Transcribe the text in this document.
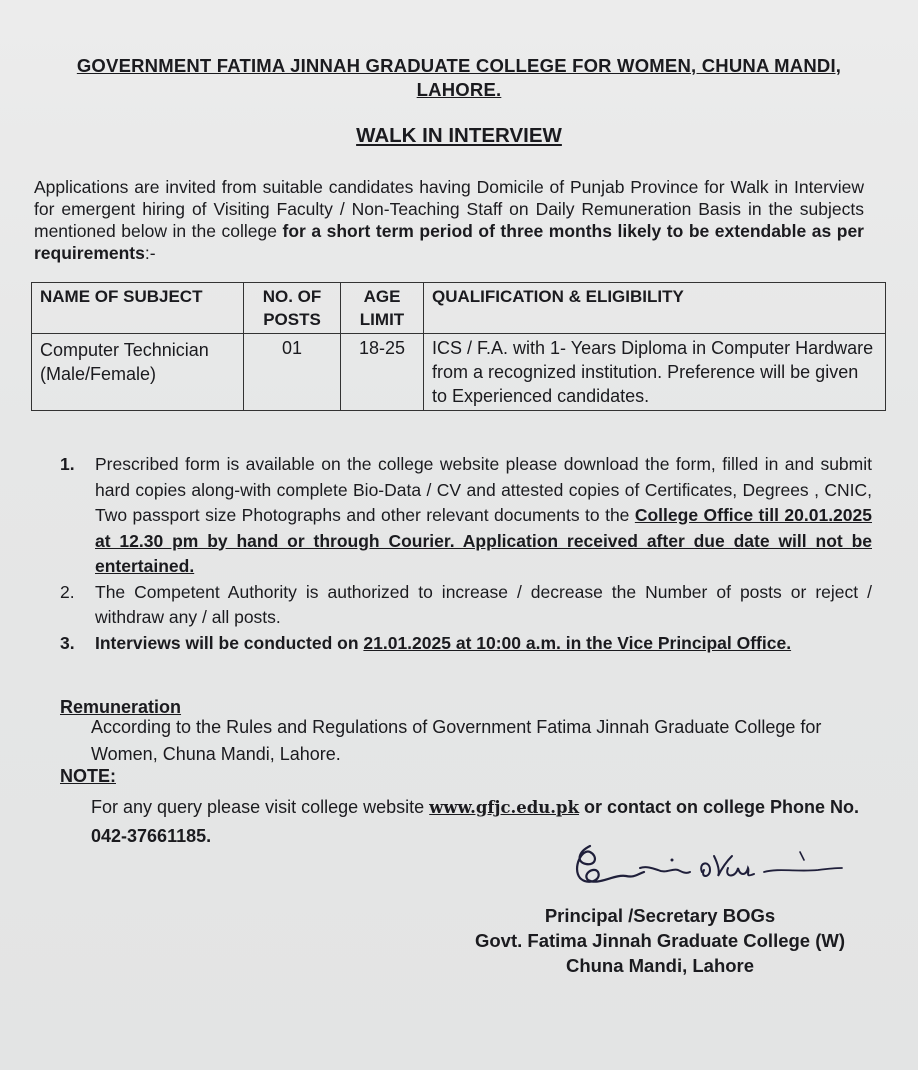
GOVERNMENT FATIMA JINNAH GRADUATE COLLEGE FOR WOMEN, CHUNA MANDI, LAHORE.
WALK IN INTERVIEW
Applications are invited from suitable candidates having Domicile of Punjab Province for Walk in Interview for emergent hiring of Visiting Faculty / Non-Teaching Staff on Daily Remuneration Basis in the subjects mentioned below in the college for a short term period of three months likely to be extendable as per requirements:-
NAME OF SUBJECT	NO. OF POSTS	AGE LIMIT	QUALIFICATION & ELIGIBILITY
Computer Technician (Male/Female)	01	18-25	ICS / F.A. with 1- Years Diploma in Computer Hardware from a recognized institution. Preference will be given to Experienced candidates.
1. Prescribed form is available on the college website please download the form, filled in and submit hard copies along-with complete Bio-Data / CV and attested copies of Certificates, Degrees , CNIC, Two passport size Photographs and other relevant documents to the College Office till 20.01.2025 at 12.30 pm by hand or through Courier. Application received after due date will not be entertained.
2. The Competent Authority is authorized to increase / decrease the Number of posts or reject / withdraw any / all posts.
3. Interviews will be conducted on 21.01.2025 at 10:00 a.m. in the Vice Principal Office.
Remuneration
According to the Rules and Regulations of Government Fatima Jinnah Graduate College for Women, Chuna Mandi, Lahore.
NOTE:
For any query please visit college website www.gfjc.edu.pk or contact on college Phone No. 042-37661185.
Principal /Secretary BOGs
Govt. Fatima Jinnah Graduate College (W)
Chuna Mandi, Lahore
